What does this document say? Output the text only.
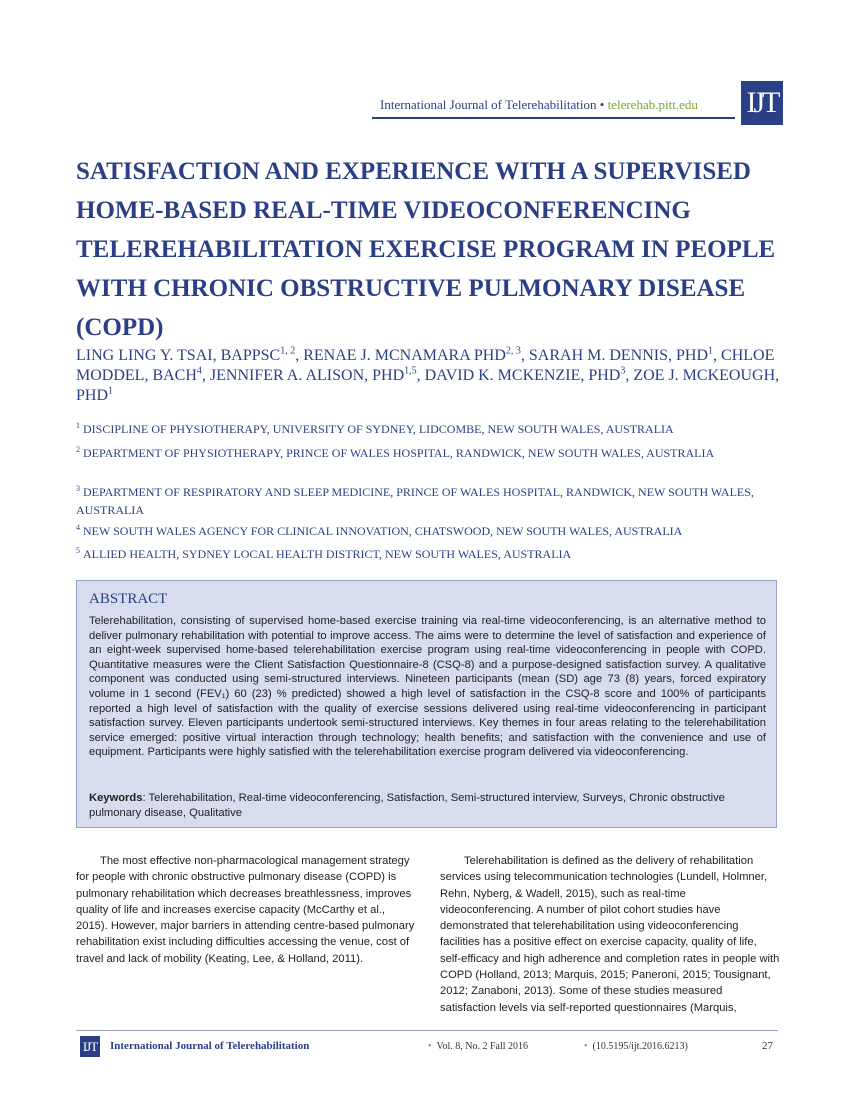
International Journal of Telerehabilitation • telerehab.pitt.edu	IJT
SATISFACTION AND EXPERIENCE WITH A SUPERVISED HOME-BASED REAL-TIME VIDEOCONFERENCING TELEREHABILITATION EXERCISE PROGRAM IN PEOPLE WITH CHRONIC OBSTRUCTIVE PULMONARY DISEASE (COPD)
LING LING Y. TSAI, BAPPSC$^{1, 2}$, RENAE J. MCNAMARA PHD$^{2, 3}$, SARAH M. DENNIS, PHD$^1$, CHLOE MODDEL, BACH$^4$, JENNIFER A. ALISON, PHD$^{1,5}$, DAVID K. MCKENZIE, PHD$^3$, ZOE J. MCKEOUGH, PHD$^1$
$^1$ DISCIPLINE OF PHYSIOTHERAPY, UNIVERSITY OF SYDNEY, LIDCOMBE, NEW SOUTH WALES, AUSTRALIA
$^2$ DEPARTMENT OF PHYSIOTHERAPY, PRINCE OF WALES HOSPITAL, RANDWICK, NEW SOUTH WALES, AUSTRALIA
$^3$ DEPARTMENT OF RESPIRATORY AND SLEEP MEDICINE, PRINCE OF WALES HOSPITAL, RANDWICK, NEW SOUTH WALES, AUSTRALIA
$^4$ NEW SOUTH WALES AGENCY FOR CLINICAL INNOVATION, CHATSWOOD, NEW SOUTH WALES, AUSTRALIA
$^5$ ALLIED HEALTH, SYDNEY LOCAL HEALTH DISTRICT, NEW SOUTH WALES, AUSTRALIA
ABSTRACT
Telerehabilitation, consisting of supervised home-based exercise training via real-time videoconferencing, is an alternative method to deliver pulmonary rehabilitation with potential to improve access. The aims were to determine the level of satisfaction and experience of an eight-week supervised home-based telerehabilitation exercise program using real-time videoconferencing in people with COPD. Quantitative measures were the Client Satisfaction Questionnaire-8 (CSQ-8) and a purpose-designed satisfaction survey. A qualitative component was conducted using semi-structured interviews. Nineteen participants (mean (SD) age 73 (8) years, forced expiratory volume in 1 second (FEV₁) 60 (23) % predicted) showed a high level of satisfaction in the CSQ-8 score and 100% of participants reported a high level of satisfaction with the quality of exercise sessions delivered using real-time videoconferencing in participant satisfaction survey. Eleven participants undertook semi-structured interviews. Key themes in four areas relating to the telerehabilitation service emerged: positive virtual interaction through technology; health benefits; and satisfaction with the convenience and use of equipment. Participants were highly satisfied with the telerehabilitation exercise program delivered via videoconferencing.
Keywords: Telerehabilitation, Real-time videoconferencing, Satisfaction, Semi-structured interview, Surveys, Chronic obstructive pulmonary disease, Qualitative

The most effective non-pharmacological management strategy for people with chronic obstructive pulmonary disease (COPD) is pulmonary rehabilitation which decreases breathlessness, improves quality of life and increases exercise capacity (McCarthy et al., 2015). However, major barriers in attending centre-based pulmonary rehabilitation exist including difficulties accessing the venue, cost of travel and lack of mobility (Keating, Lee, & Holland, 2011).

Telerehabilitation is defined as the delivery of rehabilitation services using telecommunication technologies (Lundell, Holmner, Rehn, Nyberg, & Wadell, 2015), such as real-time videoconferencing. A number of pilot cohort studies have demonstrated that telerehabilitation using videoconferencing facilities has a positive effect on exercise capacity, quality of life, self-efficacy and high adherence and completion rates in people with COPD (Holland, 2013; Marquis, 2015; Paneroni, 2015; Tousignant, 2012; Zanaboni, 2013). Some of these studies measured satisfaction levels via self-reported questionnaires (Marquis,

IJT International Journal of Telerehabilitation	• Vol. 8, No. 2 Fall 2016	• (10.5195/ijt.2016.6213)	27
